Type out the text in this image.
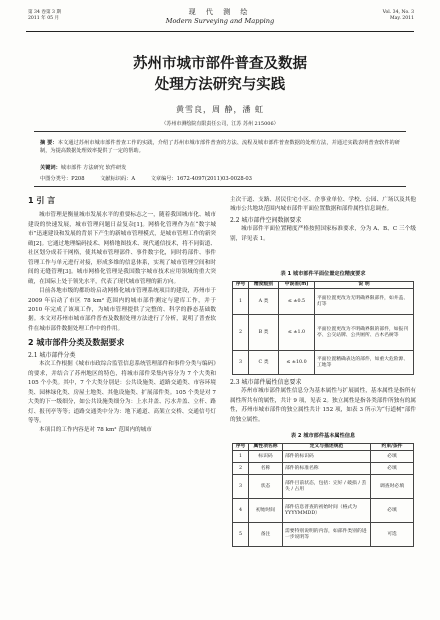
第 34 卷第 3 期
2011 年 05 月
现 代 测 绘
Modern Surveying and Mapping
Vol. 34, No. 3
May. 2011
苏州市城市部件普查及数据
处理方法研究与实践
黄雪良，周 静，潘 虹
（苏州市测绘院有限责任公司，江苏 苏州 215006）
摘 要：本文通过苏州市城市部件普查工作的实践，介绍了苏州市城市部件普查的方法、流程及城市部件普查数据的处理方法，并通过实践表明普查软件的研制，为提高数据处理效率提供了一定的帮助。
关键词：城市部件 方法研究 软件研发
中图分类号：P208	文献标识码：A	文章编号：1672-4097(2011)03-0028-03
1 引 言

城市管理是衡量城市发展水平的重要标志之一，随着我国城市化、城市建设的快速发展，城市管理问题日益复杂[1]。网格化管理作为在“数字城市”迅速建设和发展的背景下产生的新城市管理模式，是城市管理工作的新突破[2]。它通过地理编码技术、网格地图技术、现代通信技术，将不同街道、社区划分成若干网格，使其城市管理部件、事件数字化，同时将部件、事件管理工作与单元进行对接，形成多维的信息体系，实现了城市管理空间和时间的无缝管理[3]。城市网格化管理是我国数字城市技术应用领域的重大突破，在国际上处于领先水平，代表了现代城市管理的新方向。

目前各地市级的都纷纷启动网格化城市管理系统项目的建设，苏州市于 2009 年启动了市区 78 km² 范围内的城市部件测定与建库工作，并于 2010 年完成了该项工作，为城市管理提供了完整的、科学的静态基础数据。本文对苏州市城市部件普查及数据处理方法进行了分析，说明了普查软件在城市部件数据处理工作中的作用。

2 城市部件分类及数据要求
2.1 城市部件分类

本次工作根据《城市市政综合监管信息系统管理部件和事件分类与编码》的要求，并结合了苏州地区的特色，将城市部件采集内容分为 7 个大类和 105 个小类。其中，7 个大类分别是：公共设施类、道路交通类、市容环境类、园林绿化类、房屋土地类、其他设施类、扩展部件类。105 个类是对 7 大类的下一级细分，如公共设施类细分为：上水井盖、污水井盖、立杆、路灯、报刊亭等等；道路交通类中分为：地下通道、高架立交桥、交通信号灯等等。

本项目的工作内容是对 78 km² 范围内的城市

主次干道、支路、居民住宅小区、企事业单位、学校、公园、广场以及其他城市公共地块范围内城市部件平面位置数据和部件属性信息调查。

2.2 城市部件空间数据要求

城市部件平面位置精度严格按照国家标准要求，分为 A、B、C 三个级别，详见表 1。

表 1 城市部件平面位置定位精度要求
序号	精度级别	中误差(m)	说 明
1	A 类	≤ ±0.5	平面位置更改为无明确界限部件，如井盖、灯等
2	B 类	≤ ±1.0	平面位置更改为不明确界限的部件，如报刊亭、公交站牌、公共厕所、古木名树等
3	C 类	≤ ±10.0	平面位置精确表达的部件，如重大危险源、工地等
2.3 城市部件属性信息要求

苏州市城市部件属性信息分为基本属性与扩展属性，基本属性是指所有属性所共有的属性，共计 9 项，见表 2。独立属性是指各类部件所独有的属性，苏州市城市部件的独立属性共计 152 项，如表 3 所示为“行道树”部件的独立属性。

表 2 城市部件基本属性信息
序号	属性项名称	定义与描述规范	约束/条件
1	标识码	部件的标识码	必填
2	名称	部件的标准名称	必填
3	状态	部件目前状态，包括：完好 / 破损 / 丢失 / 占用	调查时必填
4	初始时间	部件信息普查的初始时间（格式为 YYYYMMDD）	必填
5	备注	需要特别说明的内容，如部件类别的进一步说明等	可选
